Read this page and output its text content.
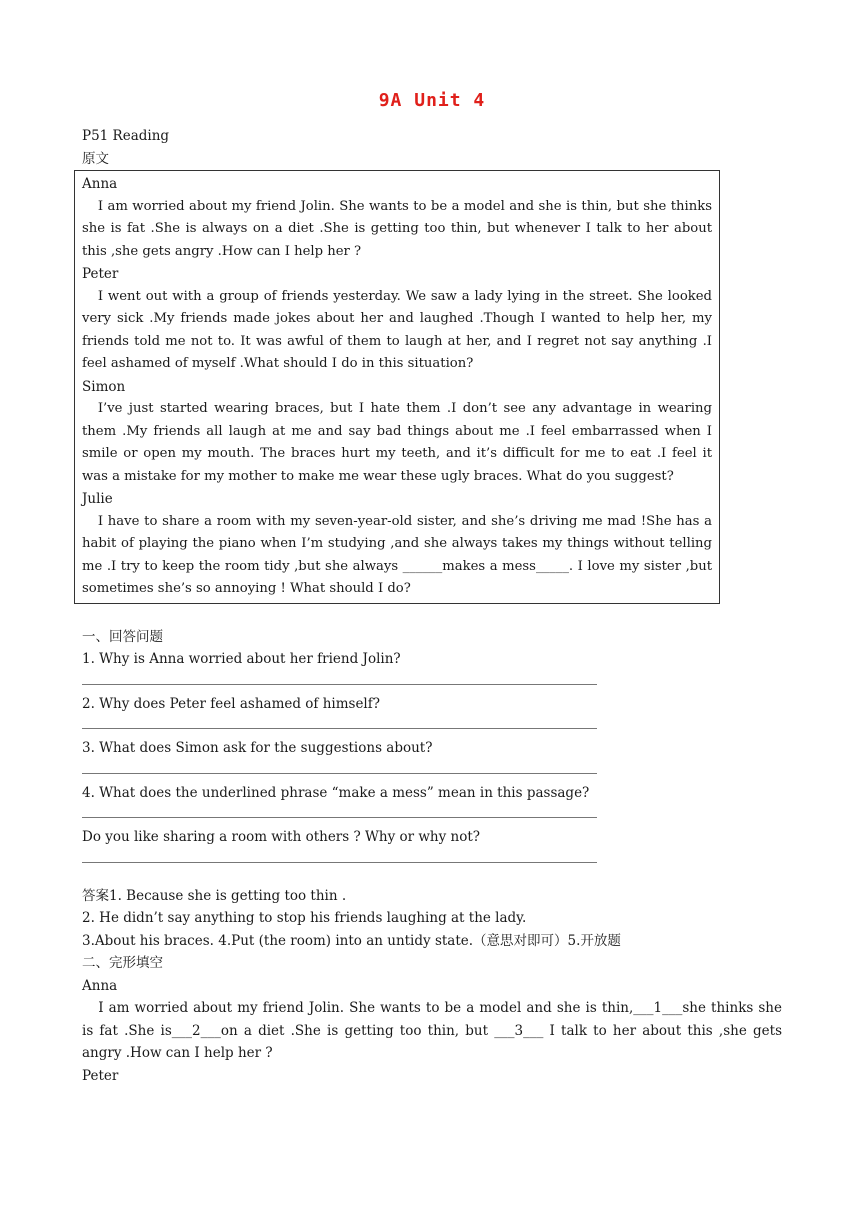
9A Unit 4
P51 Reading
原文
Anna
I am worried about my friend Jolin. She wants to be a model and she is thin, but she thinks she is fat .She is always on a diet .She is getting too thin, but whenever I talk to her about this ,she gets angry .How can I help her ?
Peter
I went out with a group of friends yesterday. We saw a lady lying in the street. She looked very sick .My friends made jokes about her and laughed .Though I wanted to help her, my friends told me not to. It was awful of them to laugh at her, and I regret not say anything .I feel ashamed of myself .What should I do in this situation?
Simon
I’ve just started wearing braces, but I hate them .I don’t see any advantage in wearing them .My friends all laugh at me and say bad things about me .I feel embarrassed when I smile or open my mouth. The braces hurt my teeth, and it’s difficult for me to eat .I feel it was a mistake for my mother to make me wear these ugly braces. What do you suggest?
Julie
I have to share a room with my seven-year-old sister, and she’s driving me mad !She has a habit of playing the piano when I’m studying ,and she always takes my things without telling me .I try to keep the room tidy ,but she always ______makes a mess_____. I love my sister ,but sometimes she’s so annoying ! What should I do?
一、回答问题
1. Why is Anna worried about her friend Jolin?
2. Why does Peter feel ashamed of himself?
3. What does Simon ask for the suggestions about?
4. What does the underlined phrase “make a mess” mean in this passage?
Do you like sharing a room with others ? Why or why not?
答案1. Because she is getting too thin .
2. He didn’t say anything to stop his friends laughing at the lady.
3.About his braces. 4.Put (the room) into an untidy state.（意思对即可）5.开放题
二、完形填空
Anna
I am worried about my friend Jolin. She wants to be a model and she is thin,___1___she thinks she is fat .She is___2___on a diet .She is getting too thin, but ___3___ I talk to her about this ,she gets angry .How can I help her ?
Peter
